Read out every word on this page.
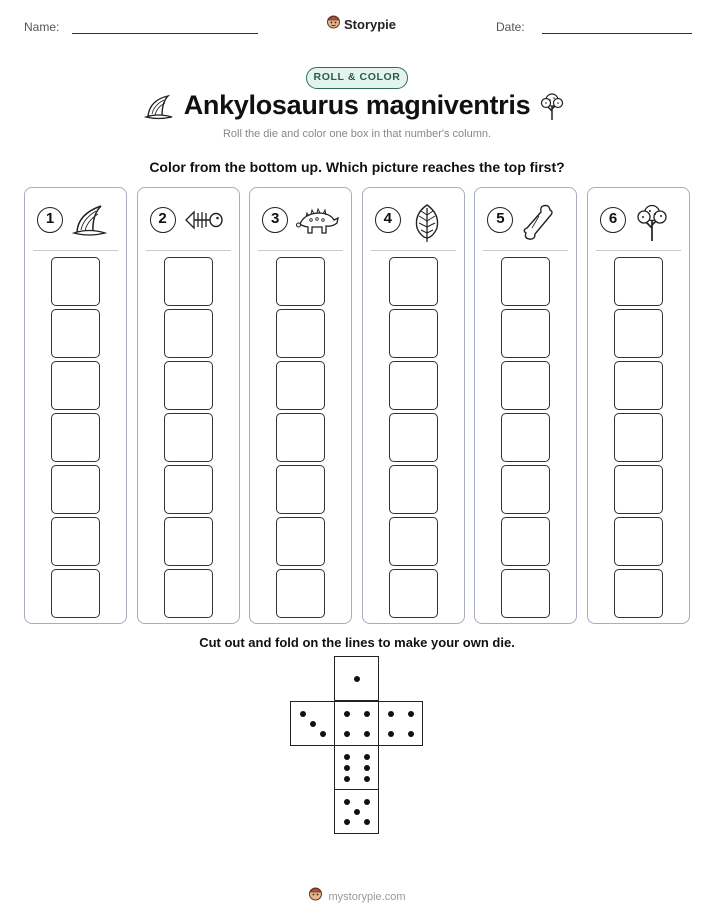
Name:	Storypie	Date:
ROLL & COLOR
Ankylosaurus magniventris
Roll the die and color one box in that number's column.
Color from the bottom up. Which picture reaches the top first?
1	2	3	4	5	6
Cut out and fold on the lines to make your own die.
mystorypie.com
